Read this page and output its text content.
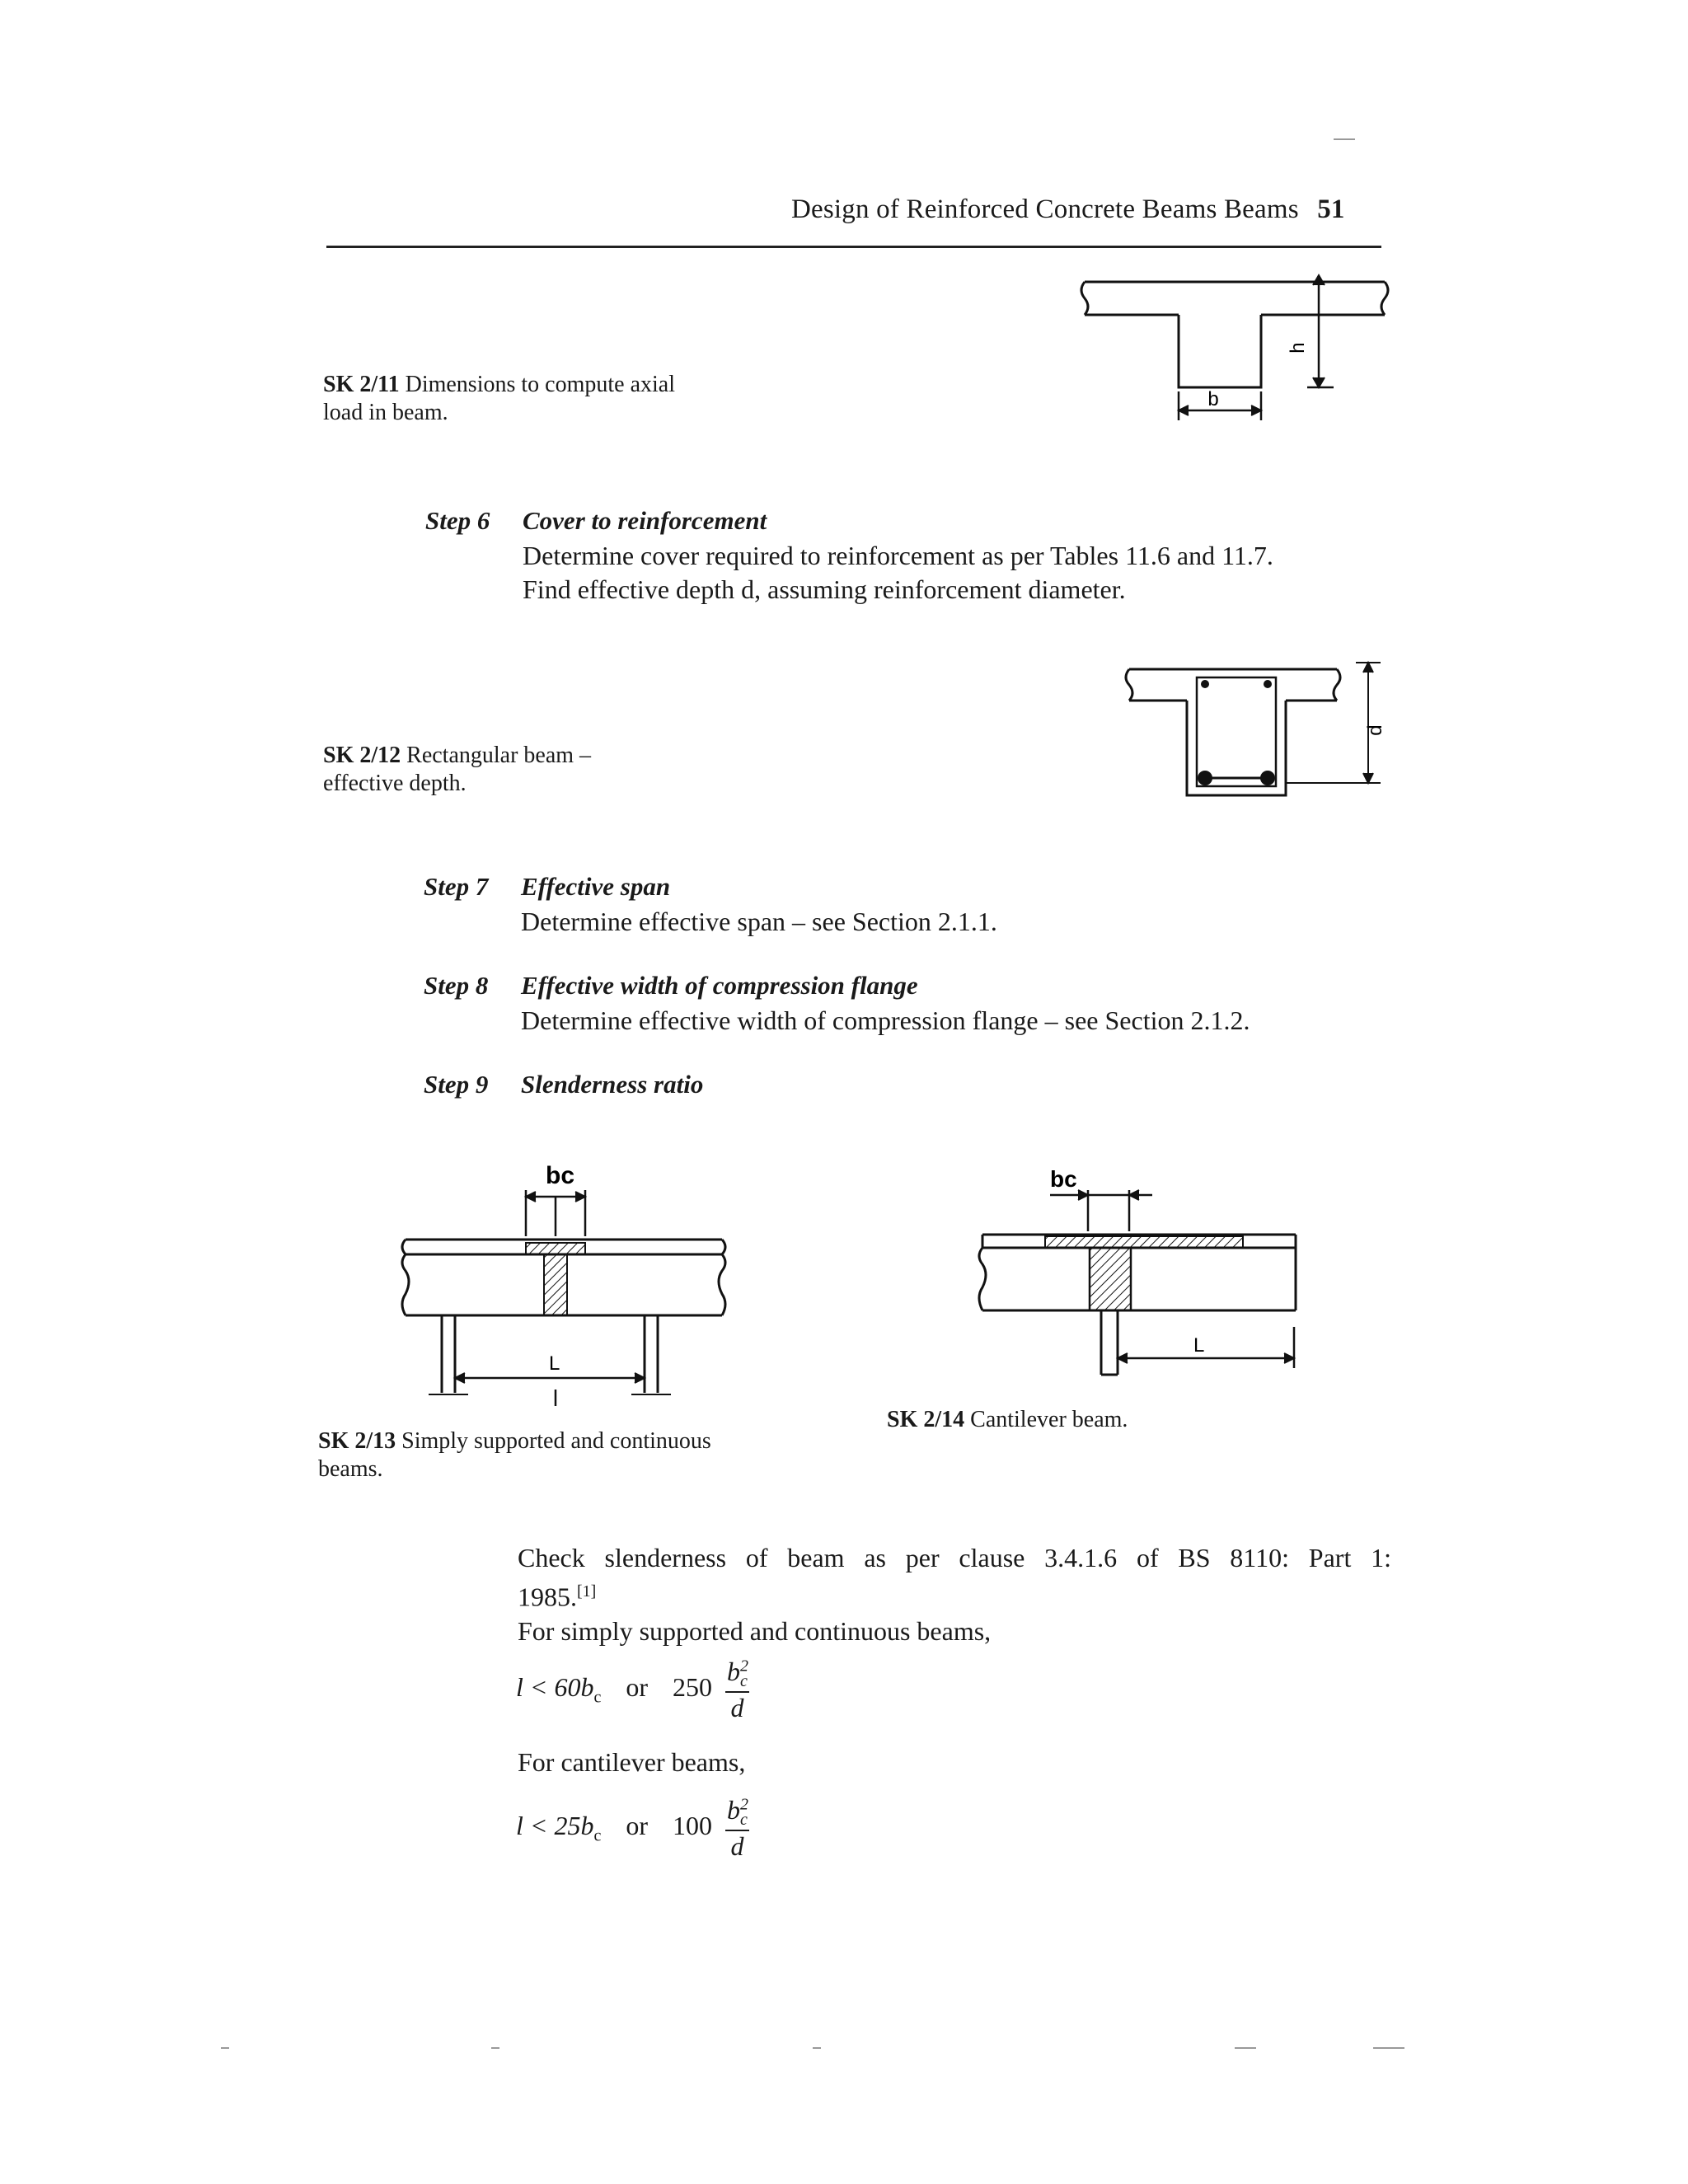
Design of Reinforced Concrete Beams Beams 51
h
b
SK 2/11 Dimensions to compute axial load in beam.
Step 6 Cover to reinforcement
Determine cover required to reinforcement as per Tables 11.6 and 11.7.
Find effective depth d, assuming reinforcement diameter.
d
SK 2/12 Rectangular beam – effective depth.
Step 7 Effective span
Determine effective span – see Section 2.1.1.
Step 8 Effective width of compression flange
Determine effective width of compression flange – see Section 2.1.2.
Step 9 Slenderness ratio
bc
L
SK 2/13 Simply supported and continuous beams.
bc
L
SK 2/14 Cantilever beam.
Check slenderness of beam as per clause 3.4.1.6 of BS 8110: Part 1:
1985.[1]
For simply supported and continuous beams,
$l < 60b_c$ or $250 \frac{b^2_c}{d}$
For cantilever beams,
$l < 25b_c$ or $100 \frac{b^2_c}{d}$
